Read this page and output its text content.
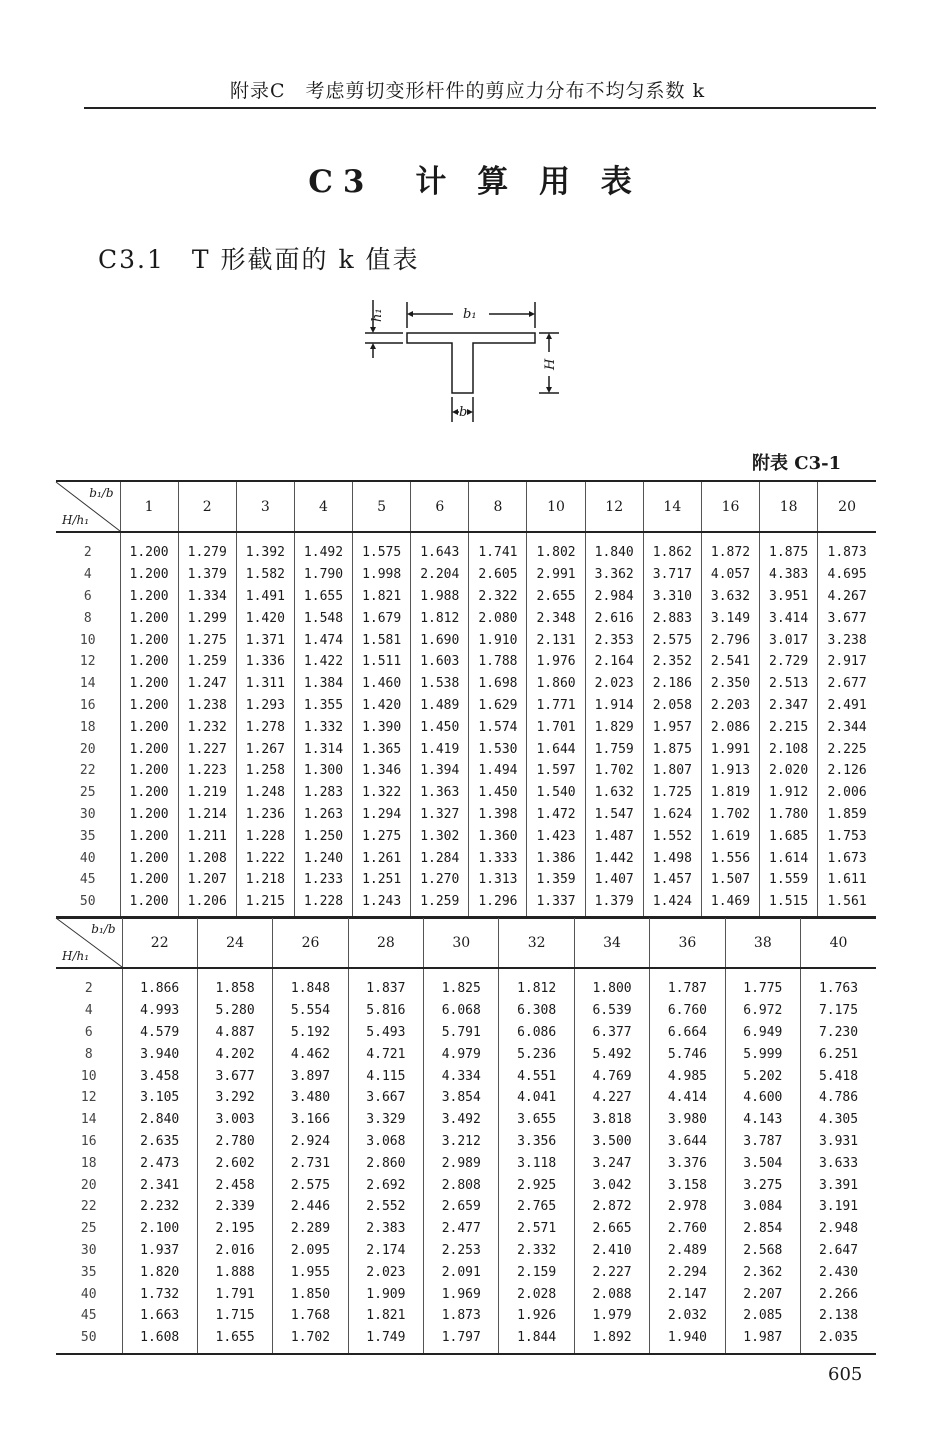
附录C　考虑剪切变形杆件的剪应力分布不均匀系数 k
C3　计 算 用 表
C3.1　T 形截面的 k 值表
b₁
h₁
H
b
附表 C3-1
b₁/b
H/h₁	1	2	3	4	5	6	8	10	12	14	16	18	20
2	1.200	1.279	1.392	1.492	1.575	1.643	1.741	1.802	1.840	1.862	1.872	1.875	1.873
4	1.200	1.379	1.582	1.790	1.998	2.204	2.605	2.991	3.362	3.717	4.057	4.383	4.695
6	1.200	1.334	1.491	1.655	1.821	1.988	2.322	2.655	2.984	3.310	3.632	3.951	4.267
8	1.200	1.299	1.420	1.548	1.679	1.812	2.080	2.348	2.616	2.883	3.149	3.414	3.677
10	1.200	1.275	1.371	1.474	1.581	1.690	1.910	2.131	2.353	2.575	2.796	3.017	3.238
12	1.200	1.259	1.336	1.422	1.511	1.603	1.788	1.976	2.164	2.352	2.541	2.729	2.917
14	1.200	1.247	1.311	1.384	1.460	1.538	1.698	1.860	2.023	2.186	2.350	2.513	2.677
16	1.200	1.238	1.293	1.355	1.420	1.489	1.629	1.771	1.914	2.058	2.203	2.347	2.491
18	1.200	1.232	1.278	1.332	1.390	1.450	1.574	1.701	1.829	1.957	2.086	2.215	2.344
20	1.200	1.227	1.267	1.314	1.365	1.419	1.530	1.644	1.759	1.875	1.991	2.108	2.225
22	1.200	1.223	1.258	1.300	1.346	1.394	1.494	1.597	1.702	1.807	1.913	2.020	2.126
25	1.200	1.219	1.248	1.283	1.322	1.363	1.450	1.540	1.632	1.725	1.819	1.912	2.006
30	1.200	1.214	1.236	1.263	1.294	1.327	1.398	1.472	1.547	1.624	1.702	1.780	1.859
35	1.200	1.211	1.228	1.250	1.275	1.302	1.360	1.423	1.487	1.552	1.619	1.685	1.753
40	1.200	1.208	1.222	1.240	1.261	1.284	1.333	1.386	1.442	1.498	1.556	1.614	1.673
45	1.200	1.207	1.218	1.233	1.251	1.270	1.313	1.359	1.407	1.457	1.507	1.559	1.611
50	1.200	1.206	1.215	1.228	1.243	1.259	1.296	1.337	1.379	1.424	1.469	1.515	1.561
b₁/b
H/h₁	22	24	26	28	30	32	34	36	38	40
2	1.866	1.858	1.848	1.837	1.825	1.812	1.800	1.787	1.775	1.763
4	4.993	5.280	5.554	5.816	6.068	6.308	6.539	6.760	6.972	7.175
6	4.579	4.887	5.192	5.493	5.791	6.086	6.377	6.664	6.949	7.230
8	3.940	4.202	4.462	4.721	4.979	5.236	5.492	5.746	5.999	6.251
10	3.458	3.677	3.897	4.115	4.334	4.551	4.769	4.985	5.202	5.418
12	3.105	3.292	3.480	3.667	3.854	4.041	4.227	4.414	4.600	4.786
14	2.840	3.003	3.166	3.329	3.492	3.655	3.818	3.980	4.143	4.305
16	2.635	2.780	2.924	3.068	3.212	3.356	3.500	3.644	3.787	3.931
18	2.473	2.602	2.731	2.860	2.989	3.118	3.247	3.376	3.504	3.633
20	2.341	2.458	2.575	2.692	2.808	2.925	3.042	3.158	3.275	3.391
22	2.232	2.339	2.446	2.552	2.659	2.765	2.872	2.978	3.084	3.191
25	2.100	2.195	2.289	2.383	2.477	2.571	2.665	2.760	2.854	2.948
30	1.937	2.016	2.095	2.174	2.253	2.332	2.410	2.489	2.568	2.647
35	1.820	1.888	1.955	2.023	2.091	2.159	2.227	2.294	2.362	2.430
40	1.732	1.791	1.850	1.909	1.969	2.028	2.088	2.147	2.207	2.266
45	1.663	1.715	1.768	1.821	1.873	1.926	1.979	2.032	2.085	2.138
50	1.608	1.655	1.702	1.749	1.797	1.844	1.892	1.940	1.987	2.035
605
